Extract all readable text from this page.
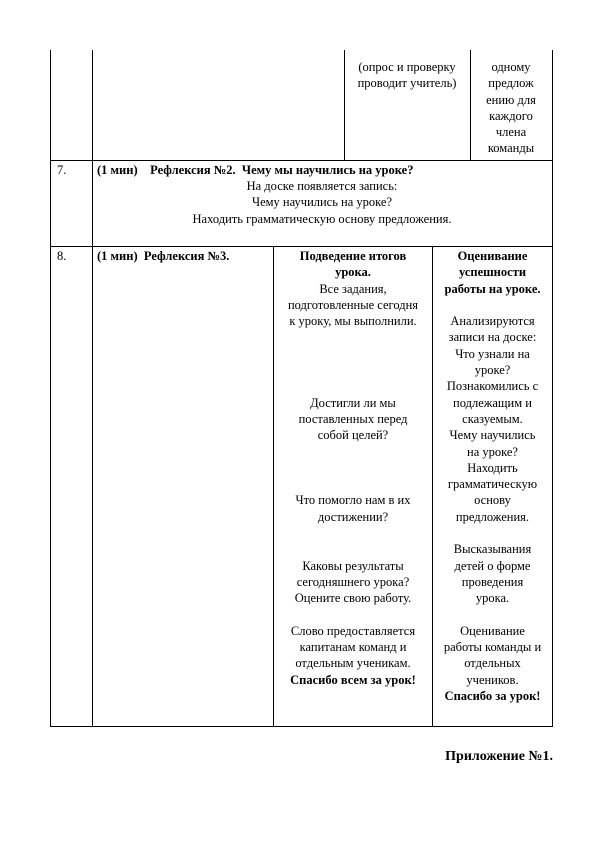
(опрос и проверку
проводит учитель)
одному
предлож
ению для
каждого
члена
команды
7. (1 мин)    Рефлексия №2.  Чему мы научились на уроке?
На доске появляется запись:
Чему научились на уроке?
Находить грамматическую основу предложения.
8. (1 мин)  Рефлексия №3.	Подведение итогов
урока.
Все задания,
подготовленные сегодня
к уроку, мы выполнили.
Достигли ли мы
поставленных перед
собой целей?
Что помогло нам в их
достижении?
Каковы результаты
сегодняшнего урока?
Оцените свою работу.
Слово предоставляется
капитанам команд и
отдельным ученикам.
Спасибо всем за урок!
Оценивание
успешности
работы на уроке.
Анализируются
записи на доске:
Что узнали на
уроке?
Познакомились с
подлежащим и
сказуемым.
Чему научились
на уроке?
Находить
грамматическую
основу
предложения.
Высказывания
детей о форме
проведения
урока.
Оценивание
работы команды и
отдельных
учеников.
Спасибо за урок!
Приложение №1.
